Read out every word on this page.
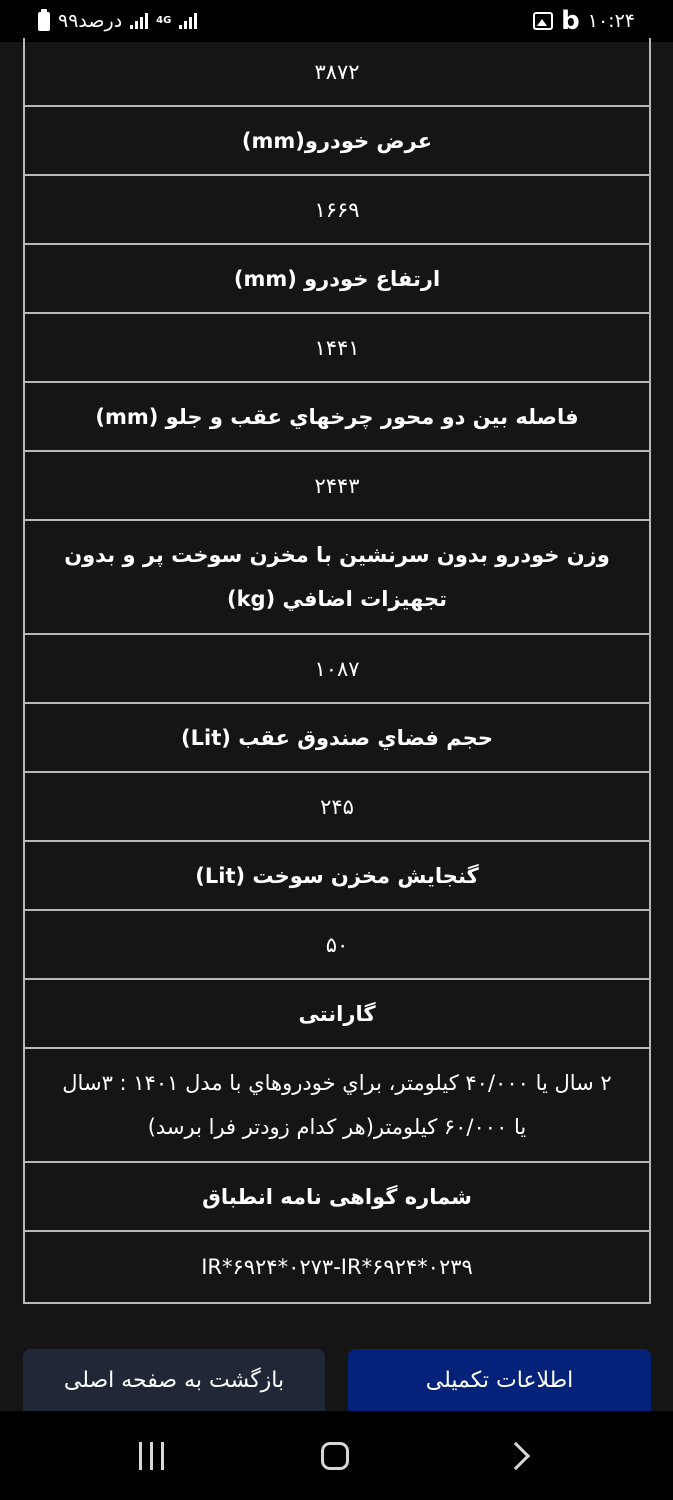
۹۹درصد	4G	b ۱۰:۲۴
۳۸۷۲
عرض خودرو(mm)
۱۶۶۹
ارتفاع خودرو (mm)
۱۴۴۱
فاصله بين دو محور چرخهاي عقب و جلو (mm)
۲۴۴۳
وزن خودرو بدون سرنشين با مخزن سوخت پر و بدون تجهيزات اضافي (kg)
۱۰۸۷
حجم فضاي صندوق عقب (Lit)
۲۴۵
گنجايش مخزن سوخت (Lit)
۵۰
گارانتی
۲ سال يا ۴۰/۰۰۰ کيلومتر، براي خودروهاي با مدل ۱۴۰۱ : ۳سال يا ۶۰/۰۰۰ کيلومتر(هر کدام زودتر فرا برسد)
شماره گواهی نامه انطباق
IR*۶۹۲۴*۰۲۷۳-IR*۶۹۲۴*۰۲۳۹
بازگشت به صفحه اصلی	اطلاعات تکمیلی
